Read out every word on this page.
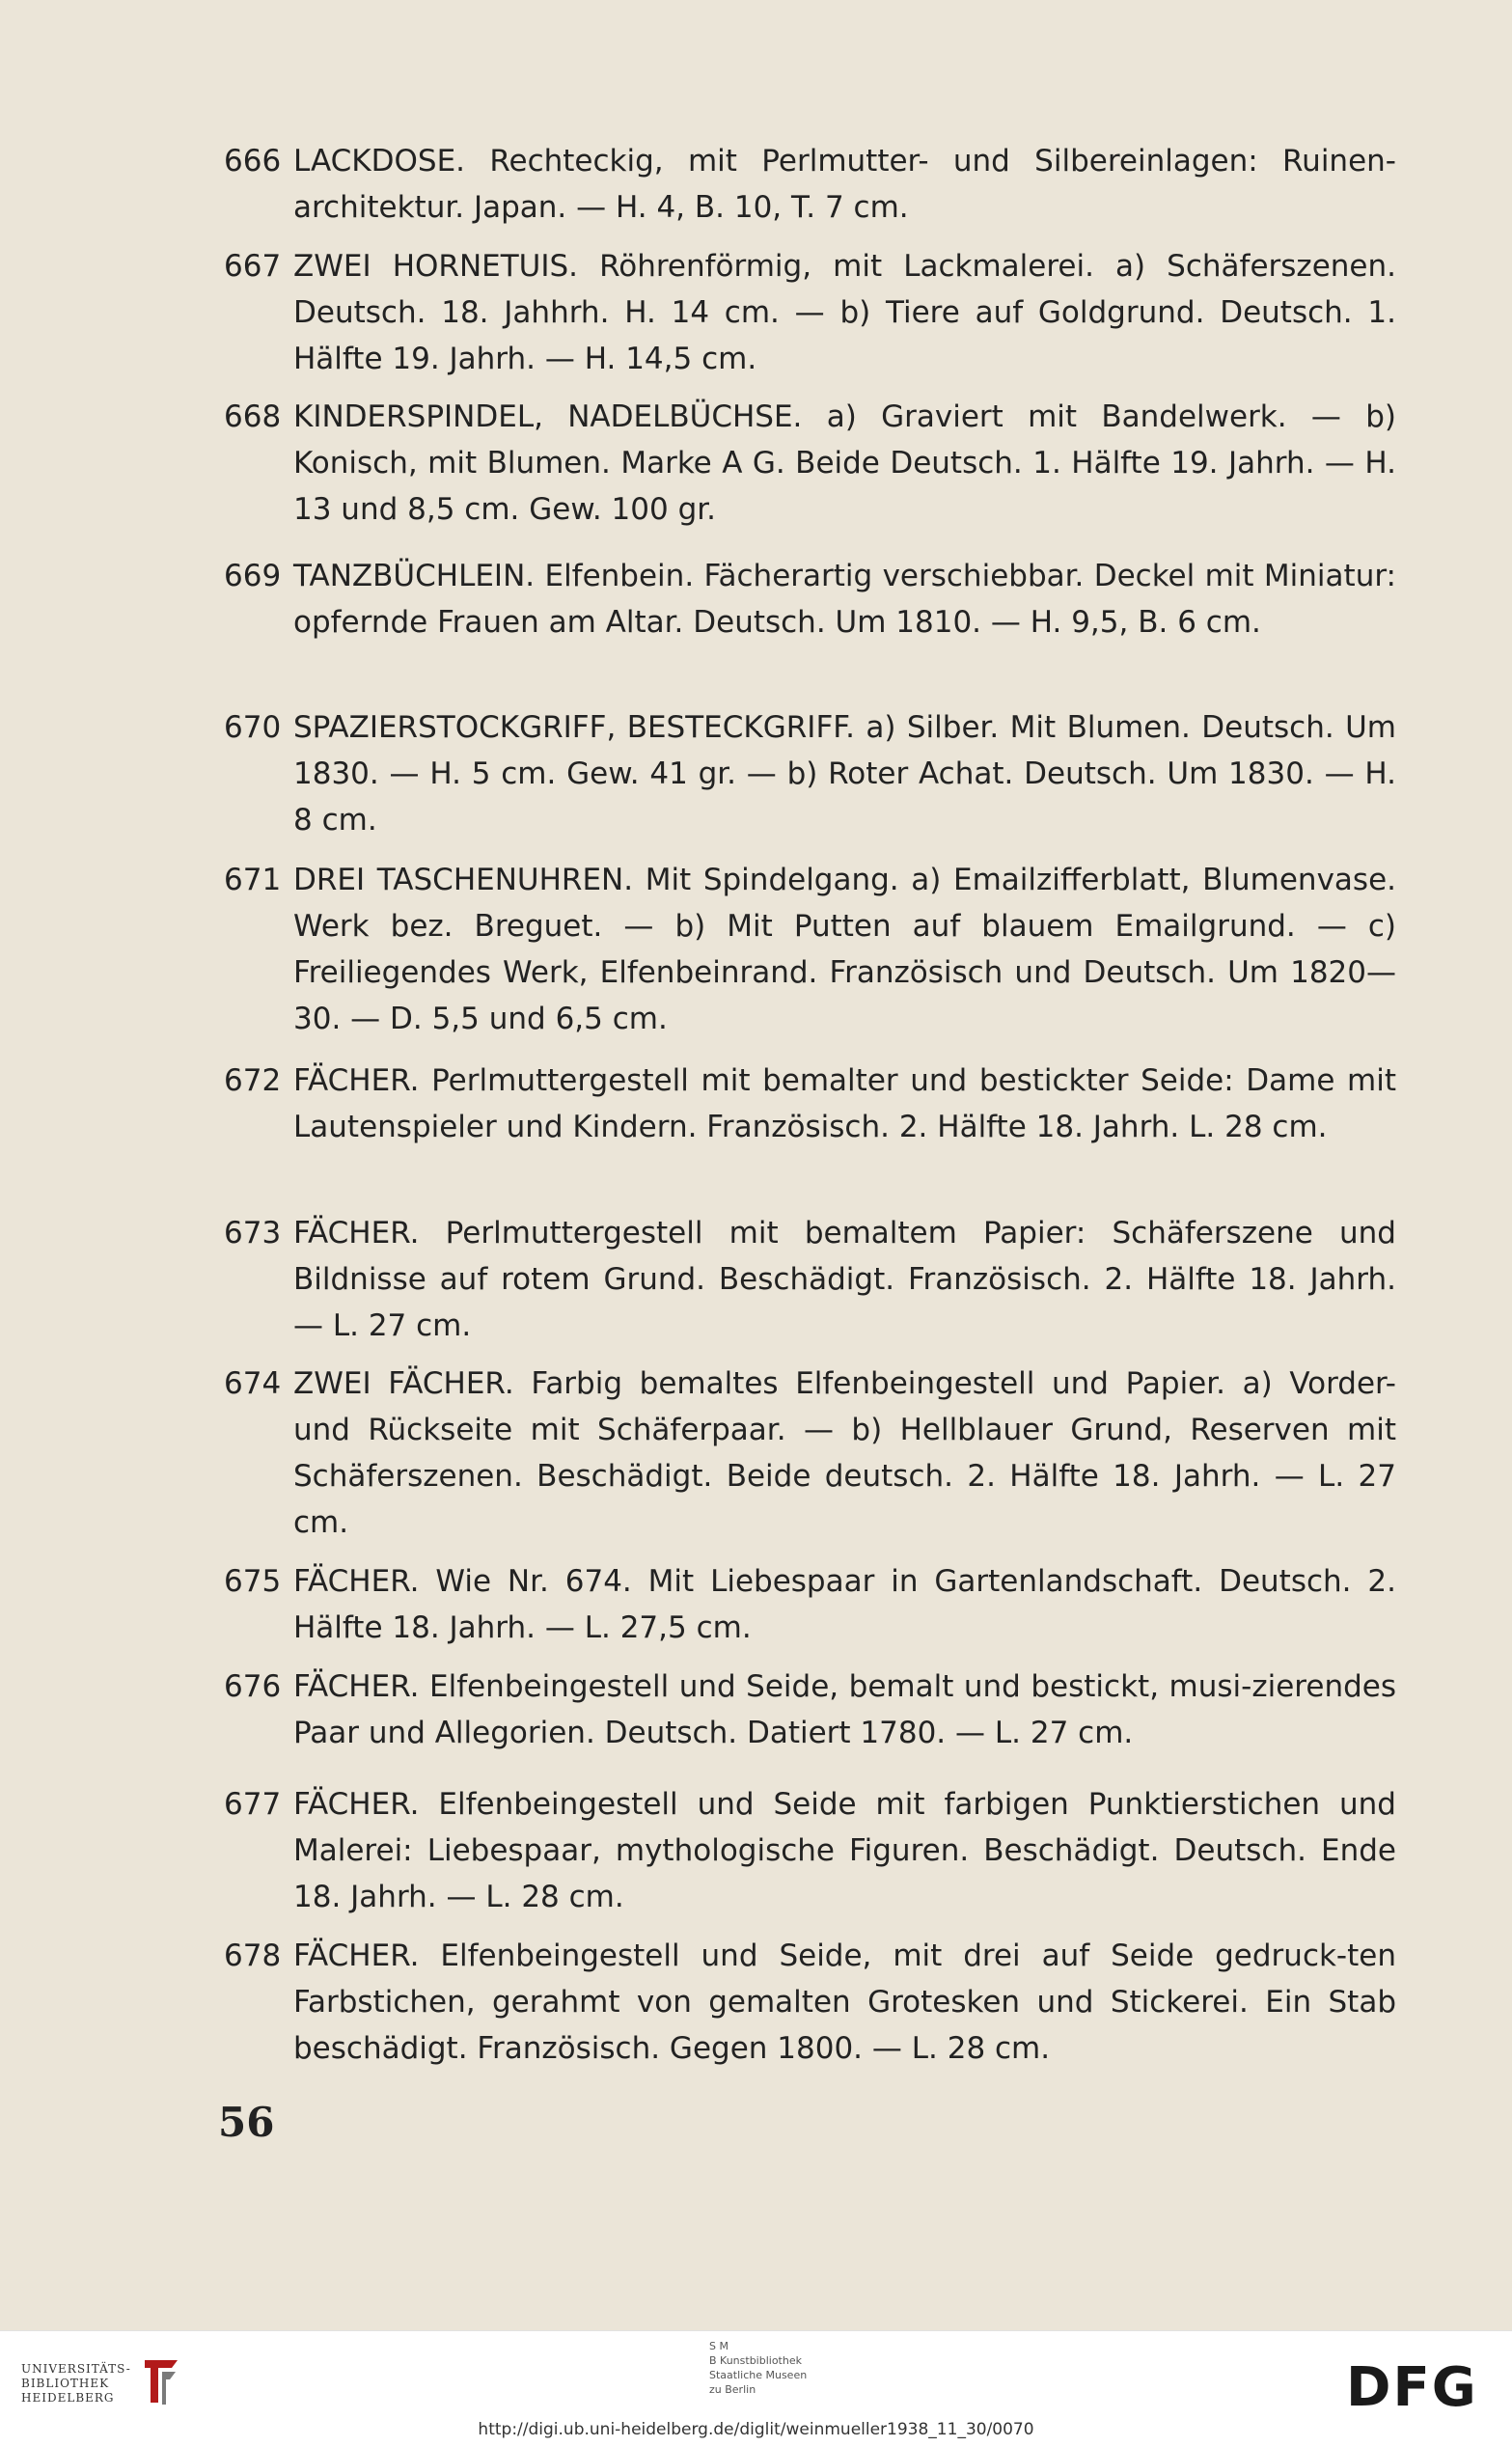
666 LACKDOSE. Rechteckig, mit Perlmutter- und Silbereinlagen: Ruinen-architektur. Japan. — H. 4, B. 10, T. 7 cm.
667 ZWEI HORNETUIS. Röhrenförmig, mit Lackmalerei. a) Schäferszenen. Deutsch. 18. Jahhrh. H. 14 cm. — b) Tiere auf Goldgrund. Deutsch. 1. Hälfte 19. Jahrh. — H. 14,5 cm.
668 KINDERSPINDEL, NADELBÜCHSE. a) Graviert mit Bandelwerk. — b) Konisch, mit Blumen. Marke A G. Beide Deutsch. 1. Hälfte 19. Jahrh. — H. 13 und 8,5 cm. Gew. 100 gr.
669 TANZBÜCHLEIN. Elfenbein. Fächerartig verschiebbar. Deckel mit Miniatur: opfernde Frauen am Altar. Deutsch. Um 1810. — H. 9,5, B. 6 cm.
670 SPAZIERSTOCKGRIFF, BESTECKGRIFF. a) Silber. Mit Blumen. Deutsch. Um 1830. — H. 5 cm. Gew. 41 gr. — b) Roter Achat. Deutsch. Um 1830. — H. 8 cm.
671 DREI TASCHENUHREN. Mit Spindelgang. a) Emailzifferblatt, Blumenvase. Werk bez. Breguet. — b) Mit Putten auf blauem Emailgrund. — c) Freiliegendes Werk, Elfenbeinrand. Französisch und Deutsch. Um 1820—30. — D. 5,5 und 6,5 cm.
672 FÄCHER. Perlmuttergestell mit bemalter und bestickter Seide: Dame mit Lautenspieler und Kindern. Französisch. 2. Hälfte 18. Jahrh. L. 28 cm.
673 FÄCHER. Perlmuttergestell mit bemaltem Papier: Schäferszene und Bildnisse auf rotem Grund. Beschädigt. Französisch. 2. Hälfte 18. Jahrh. — L. 27 cm.
674 ZWEI FÄCHER. Farbig bemaltes Elfenbeingestell und Papier. a) Vorder- und Rückseite mit Schäferpaar. — b) Hellblauer Grund, Reserven mit Schäferszenen. Beschädigt. Beide deutsch. 2. Hälfte 18. Jahrh. — L. 27 cm.
675 FÄCHER. Wie Nr. 674. Mit Liebespaar in Gartenlandschaft. Deutsch. 2. Hälfte 18. Jahrh. — L. 27,5 cm.
676 FÄCHER. Elfenbeingestell und Seide, bemalt und bestickt, musi-zierendes Paar und Allegorien. Deutsch. Datiert 1780. — L. 27 cm.
677 FÄCHER. Elfenbeingestell und Seide mit farbigen Punktierstichen und Malerei: Liebespaar, mythologische Figuren. Beschädigt. Deutsch. Ende 18. Jahrh. — L. 28 cm.
678 FÄCHER. Elfenbeingestell und Seide, mit drei auf Seide gedruck-ten Farbstichen, gerahmt von gemalten Grotesken und Stickerei. Ein Stab beschädigt. Französisch. Gegen 1800. — L. 28 cm.
56
UNIVERSITÄTS-
BIBLIOTHEK
HEIDELBERG
S M
B Kunstbibliothek
Staatliche Museen
zu Berlin	DFG
http://digi.ub.uni-heidelberg.de/diglit/weinmueller1938_11_30/0070
